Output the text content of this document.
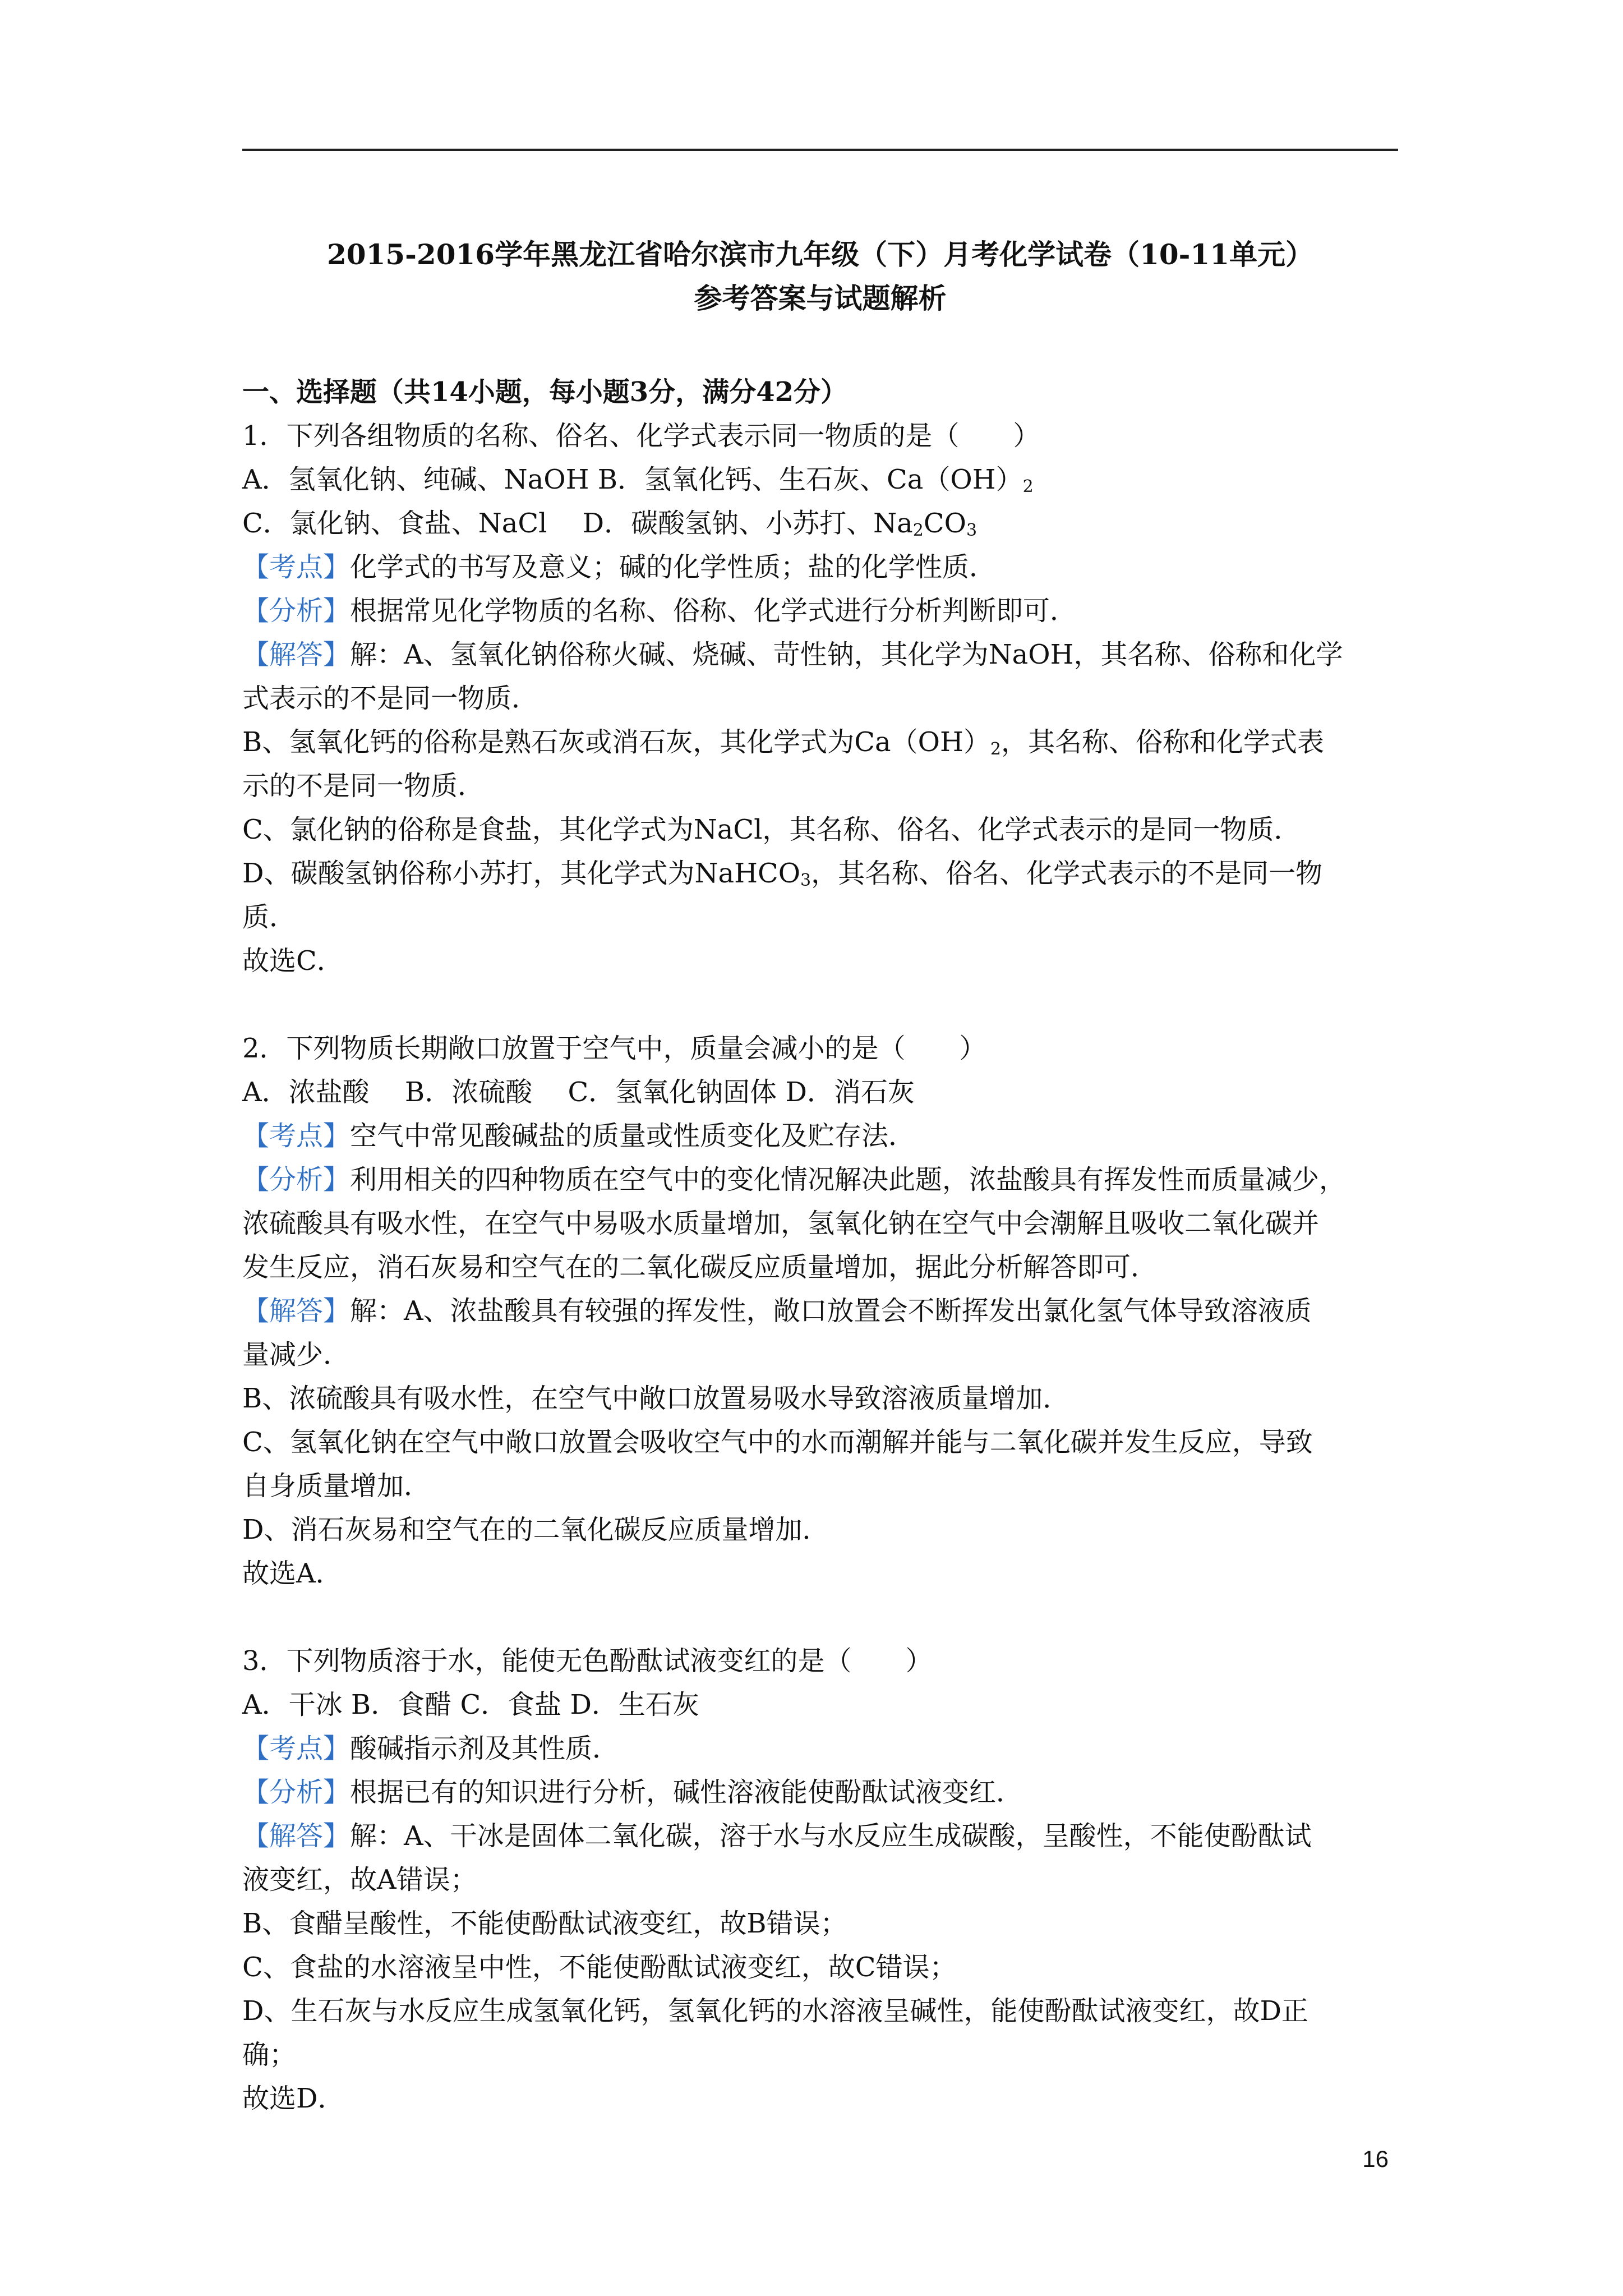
2015-2016学年黑龙江省哈尔滨市九年级（下）月考化学试卷（10-11单元）
参考答案与试题解析
一、选择题（共14小题，每小题3分，满分42分）
1．下列各组物质的名称、俗名、化学式表示同一物质的是（　　）
A．氢氧化钠、纯碱、NaOH B．氢氧化钙、生石灰、$Ca(OH)_2$
C．氯化钠、食盐、NaCl　 D．碳酸氢钠、小苏打、$Na_2CO_3$
【考点】化学式的书写及意义；碱的化学性质；盐的化学性质．
【分析】根据常见化学物质的名称、俗称、化学式进行分析判断即可．
【解答】解：A、氢氧化钠俗称火碱、烧碱、苛性钠，其化学为NaOH，其名称、俗称和化学
式表示的不是同一物质．
B、氢氧化钙的俗称是熟石灰或消石灰，其化学式为$Ca(OH)_2$，其名称、俗称和化学式表
示的不是同一物质．
C、氯化钠的俗称是食盐，其化学式为NaCl，其名称、俗名、化学式表示的是同一物质．
D、碳酸氢钠俗称小苏打，其化学式为NaHCO$_3$，其名称、俗名、化学式表示的不是同一物
质．
故选C．
2．下列物质长期敞口放置于空气中，质量会减小的是（　　）
A．浓盐酸　 B．浓硫酸　 C．氢氧化钠固体 D．消石灰
【考点】空气中常见酸碱盐的质量或性质变化及贮存法．
【分析】利用相关的四种物质在空气中的变化情况解决此题，浓盐酸具有挥发性而质量减少，
浓硫酸具有吸水性，在空气中易吸水质量增加，氢氧化钠在空气中会潮解且吸收二氧化碳并
发生反应，消石灰易和空气在的二氧化碳反应质量增加，据此分析解答即可．
【解答】解：A、浓盐酸具有较强的挥发性，敞口放置会不断挥发出氯化氢气体导致溶液质
量减少．
B、浓硫酸具有吸水性，在空气中敞口放置易吸水导致溶液质量增加．
C、氢氧化钠在空气中敞口放置会吸收空气中的水而潮解并能与二氧化碳并发生反应，导致
自身质量增加．
D、消石灰易和空气在的二氧化碳反应质量增加．
故选A．
3．下列物质溶于水，能使无色酚酞试液变红的是（　　）
A．干冰 B．食醋 C．食盐 D．生石灰
【考点】酸碱指示剂及其性质．
【分析】根据已有的知识进行分析，碱性溶液能使酚酞试液变红．
【解答】解：A、干冰是固体二氧化碳，溶于水与水反应生成碳酸，呈酸性，不能使酚酞试
液变红，故A错误；
B、食醋呈酸性，不能使酚酞试液变红，故B错误；
C、食盐的水溶液呈中性，不能使酚酞试液变红，故C错误；
D、生石灰与水反应生成氢氧化钙，氢氧化钙的水溶液呈碱性，能使酚酞试液变红，故D正
确；
故选D．
16
